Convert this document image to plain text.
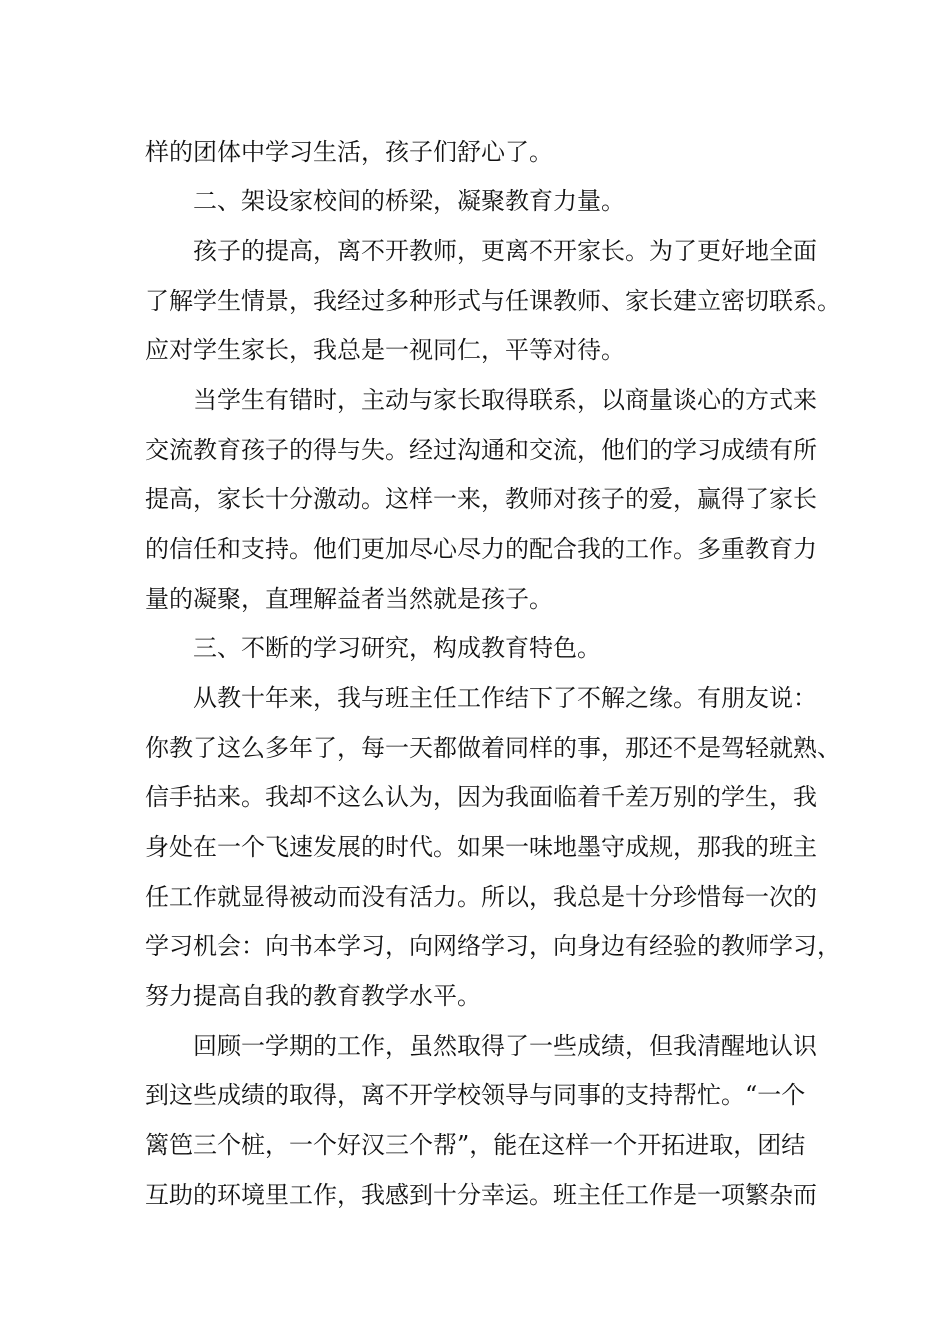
样的团体中学习生活，孩子们舒心了。
二、架设家校间的桥梁，凝聚教育力量。
孩子的提高，离不开教师，更离不开家长。为了更好地全面
了解学生情景，我经过多种形式与任课教师、家长建立密切联系。
应对学生家长，我总是一视同仁，平等对待。
当学生有错时，主动与家长取得联系，以商量谈心的方式来
交流教育孩子的得与失。经过沟通和交流，他们的学习成绩有所
提高，家长十分激动。这样一来，教师对孩子的爱，赢得了家长
的信任和支持。他们更加尽心尽力的配合我的工作。多重教育力
量的凝聚，直理解益者当然就是孩子。
三、不断的学习研究，构成教育特色。
从教十年来，我与班主任工作结下了不解之缘。有朋友说：
你教了这么多年了，每一天都做着同样的事，那还不是驾轻就熟、
信手拈来。我却不这么认为，因为我面临着千差万别的学生，我
身处在一个飞速发展的时代。如果一味地墨守成规，那我的班主
任工作就显得被动而没有活力。所以，我总是十分珍惜每一次的
学习机会：向书本学习，向网络学习，向身边有经验的教师学习，
努力提高自我的教育教学水平。
回顾一学期的工作，虽然取得了一些成绩，但我清醒地认识
到这些成绩的取得，离不开学校领导与同事的支持帮忙。“一个
篱笆三个桩，一个好汉三个帮”，能在这样一个开拓进取，团结
互助的环境里工作，我感到十分幸运。班主任工作是一项繁杂而
